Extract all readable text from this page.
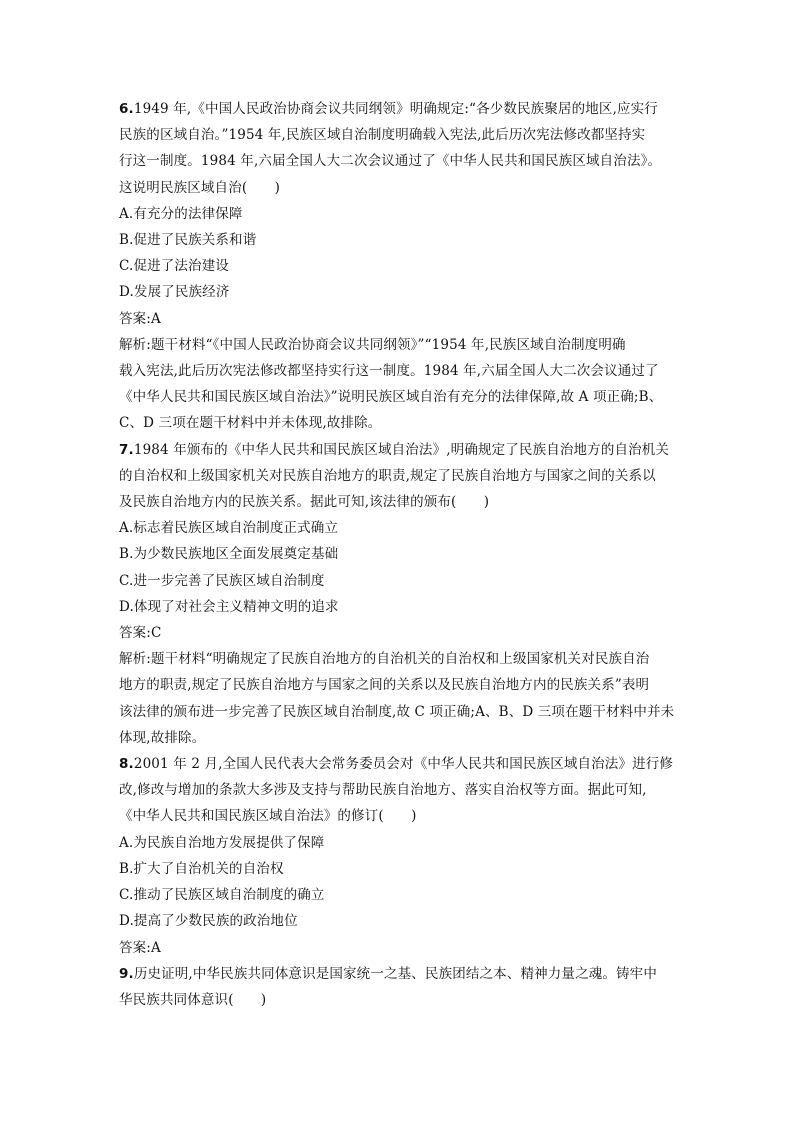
6.1949 年,《中国人民政治协商会议共同纲领》明确规定:“各少数民族聚居的地区,应实行
民族的区域自治。”1954 年,民族区域自治制度明确载入宪法,此后历次宪法修改都坚持实
行这一制度。1984 年,六届全国人大二次会议通过了《中华人民共和国民族区域自治法》。
这说明民族区域自治(　　)
A.有充分的法律保障
B.促进了民族关系和谐
C.促进了法治建设
D.发展了民族经济
答案:A
解析:题干材料“《中国人民政治协商会议共同纲领》”“1954 年,民族区域自治制度明确
载入宪法,此后历次宪法修改都坚持实行这一制度。1984 年,六届全国人大二次会议通过了
《中华人民共和国民族区域自治法》”说明民族区域自治有充分的法律保障,故 A 项正确;B、
C、D 三项在题干材料中并未体现,故排除。
7.1984 年颁布的《中华人民共和国民族区域自治法》,明确规定了民族自治地方的自治机关
的自治权和上级国家机关对民族自治地方的职责,规定了民族自治地方与国家之间的关系以
及民族自治地方内的民族关系。据此可知,该法律的颁布(　　)
A.标志着民族区域自治制度正式确立
B.为少数民族地区全面发展奠定基础
C.进一步完善了民族区域自治制度
D.体现了对社会主义精神文明的追求
答案:C
解析:题干材料“明确规定了民族自治地方的自治机关的自治权和上级国家机关对民族自治
地方的职责,规定了民族自治地方与国家之间的关系以及民族自治地方内的民族关系”表明
该法律的颁布进一步完善了民族区域自治制度,故 C 项正确;A、B、D 三项在题干材料中并未
体现,故排除。
8.2001 年 2 月,全国人民代表大会常务委员会对《中华人民共和国民族区域自治法》进行修
改,修改与增加的条款大多涉及支持与帮助民族自治地方、落实自治权等方面。据此可知,
《中华人民共和国民族区域自治法》的修订(　　)
A.为民族自治地方发展提供了保障
B.扩大了自治机关的自治权
C.推动了民族区域自治制度的确立
D.提高了少数民族的政治地位
答案:A
9.历史证明,中华民族共同体意识是国家统一之基、民族团结之本、精神力量之魂。铸牢中
华民族共同体意识(　　)
